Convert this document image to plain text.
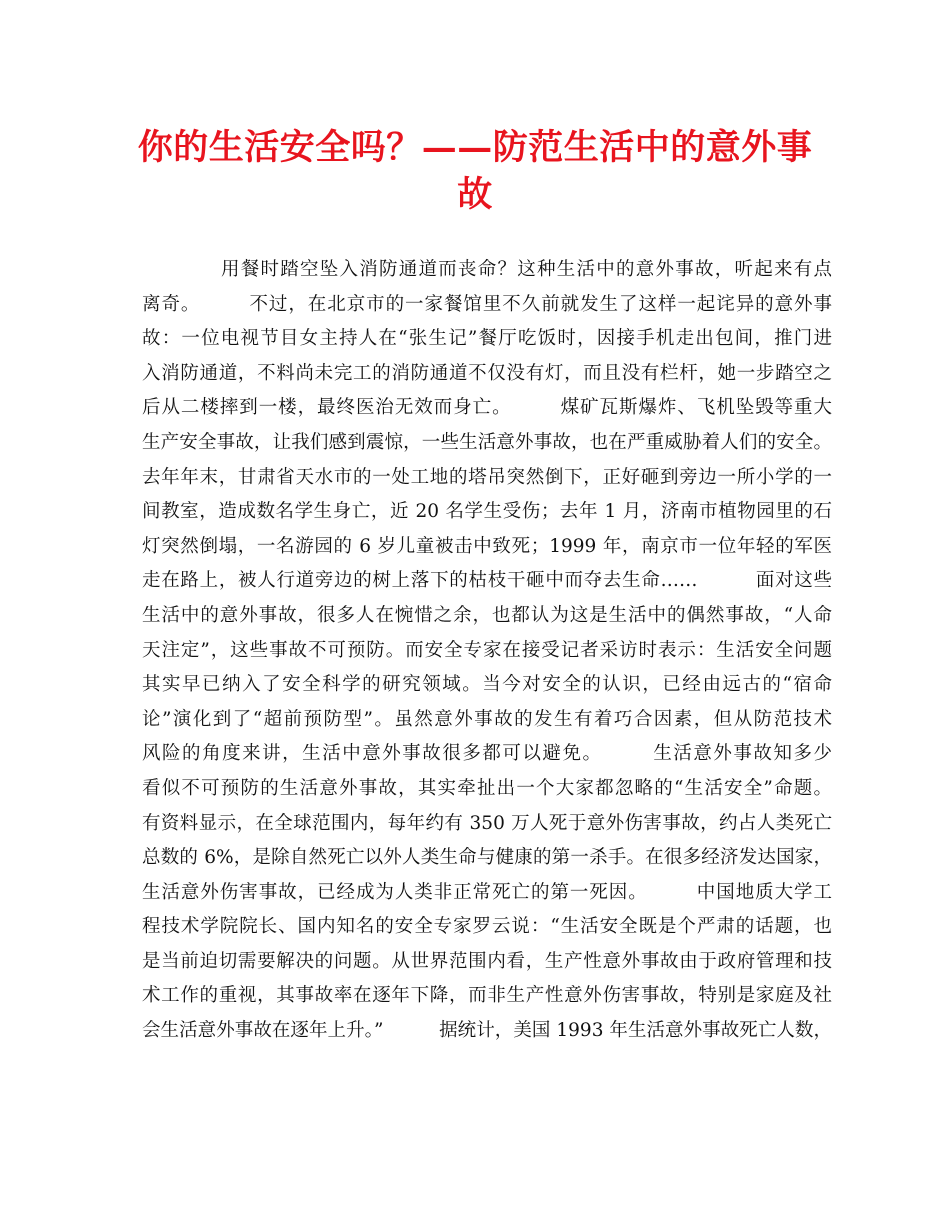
你的生活安全吗？——防范生活中的意外事
故
　　　　用餐时踏空坠入消防通道而丧命？这种生活中的意外事故，听起来有点
离奇。　　　不过，在北京市的一家餐馆里不久前就发生了这样一起诧异的意外事
故：一位电视节目女主持人在“张生记”餐厅吃饭时，因接手机走出包间，推门进
入消防通道，不料尚未完工的消防通道不仅没有灯，而且没有栏杆，她一步踏空之
后从二楼摔到一楼，最终医治无效而身亡。　　　煤矿瓦斯爆炸、飞机坠毁等重大
生产安全事故，让我们感到震惊，一些生活意外事故，也在严重威胁着人们的安全。
去年年末，甘肃省天水市的一处工地的塔吊突然倒下，正好砸到旁边一所小学的一
间教室，造成数名学生身亡，近 20 名学生受伤；去年 1 月，济南市植物园里的石
灯突然倒塌，一名游园的 6 岁儿童被击中致死；1999 年，南京市一位年轻的军医
走在路上，被人行道旁边的树上落下的枯枝干砸中而夺去生命……　　　面对这些
生活中的意外事故，很多人在惋惜之余，也都认为这是生活中的偶然事故，“人命
天注定”，这些事故不可预防。而安全专家在接受记者采访时表示：生活安全问题
其实早已纳入了安全科学的研究领域。当今对安全的认识，已经由远古的“宿命
论”演化到了“超前预防型”。虽然意外事故的发生有着巧合因素，但从防范技术
风险的角度来讲，生活中意外事故很多都可以避免。　　　生活意外事故知多少
看似不可预防的生活意外事故，其实牵扯出一个大家都忽略的“生活安全”命题。
有资料显示，在全球范围内，每年约有 350 万人死于意外伤害事故，约占人类死亡
总数的 6%，是除自然死亡以外人类生命与健康的第一杀手。在很多经济发达国家，
生活意外伤害事故，已经成为人类非正常死亡的第一死因。　　　中国地质大学工
程技术学院院长、国内知名的安全专家罗云说：“生活安全既是个严肃的话题，也
是当前迫切需要解决的问题。从世界范围内看，生产性意外事故由于政府管理和技
术工作的重视，其事故率在逐年下降，而非生产性意外伤害事故，特别是家庭及社
会生活意外事故在逐年上升。”　　　据统计，美国 1993 年生活意外事故死亡人数，
